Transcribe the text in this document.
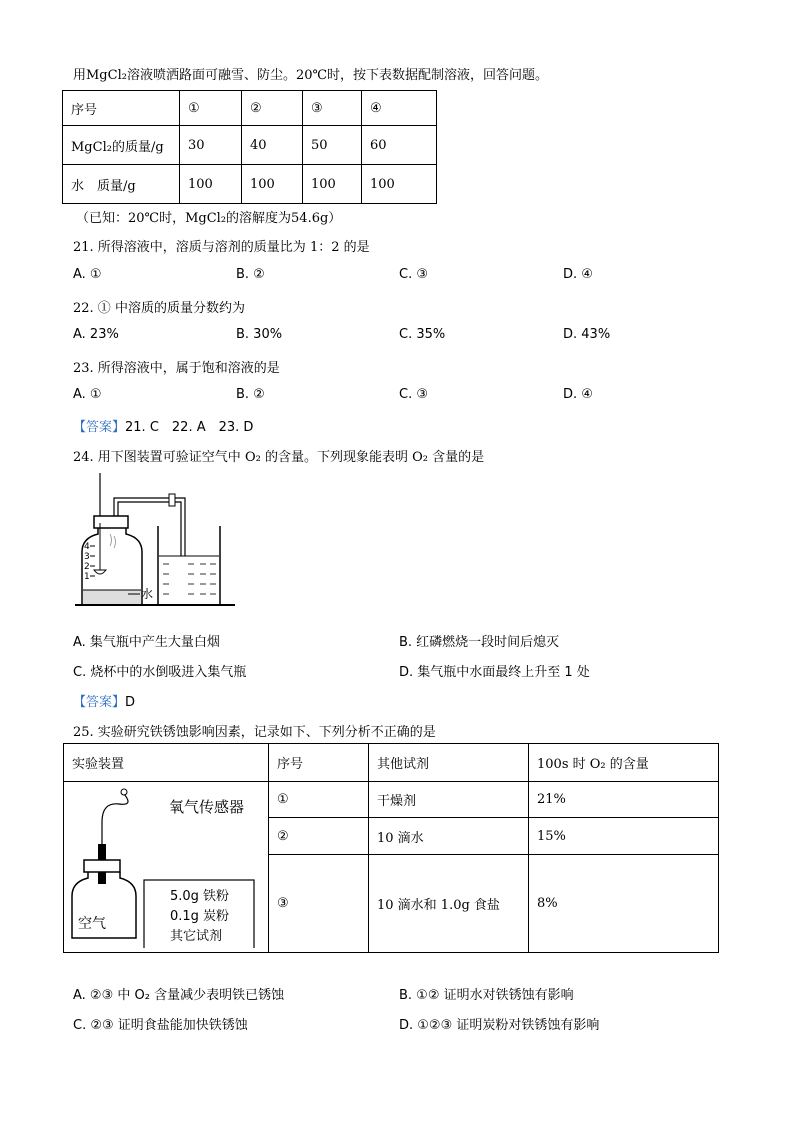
用MgCl₂溶液喷洒路面可融雪、防尘。20℃时，按下表数据配制溶液，回答问题。
序号	①	②	③	④
MgCl₂的质量/g	30	40	50	60
水　质量/g	100	100	100	100
（已知：20℃时，MgCl₂的溶解度为54.6g）
21. 所得溶液中，溶质与溶剂的质量比为 1：2 的是
A. ①	B. ②	C. ③	D. ④
22. ① 中溶质的质量分数约为
A. 23%	B. 30%	C. 35%	D. 43%
23. 所得溶液中，属于饱和溶液的是
A. ①	B. ②	C. ③	D. ④
【答案】21. C　22. A　23. D
24. 用下图装置可验证空气中 O₂ 的含量。下列现象能表明 O₂ 含量的是
4
3
2
1
水
A. 集气瓶中产生大量白烟	B. 红磷燃烧一段时间后熄灭
C. 烧杯中的水倒吸进入集气瓶	D. 集气瓶中水面最终上升至 1 处
【答案】D
25. 实验研究铁锈蚀影响因素，记录如下、下列分析不正确的是
实验装置	序号	其他试剂	100s 时 O₂ 的含量

氧气传感器
空气
5.0g 铁粉
0.1g 炭粉
其它试剂	①	干燥剂	21%
	②	10 滴水	15%
	③	10 滴水和 1.0g 食盐	8%
A. ②③ 中 O₂ 含量减少表明铁已锈蚀	B. ①② 证明水对铁锈蚀有影响
C. ②③ 证明食盐能加快铁锈蚀	D. ①②③ 证明炭粉对铁锈蚀有影响
